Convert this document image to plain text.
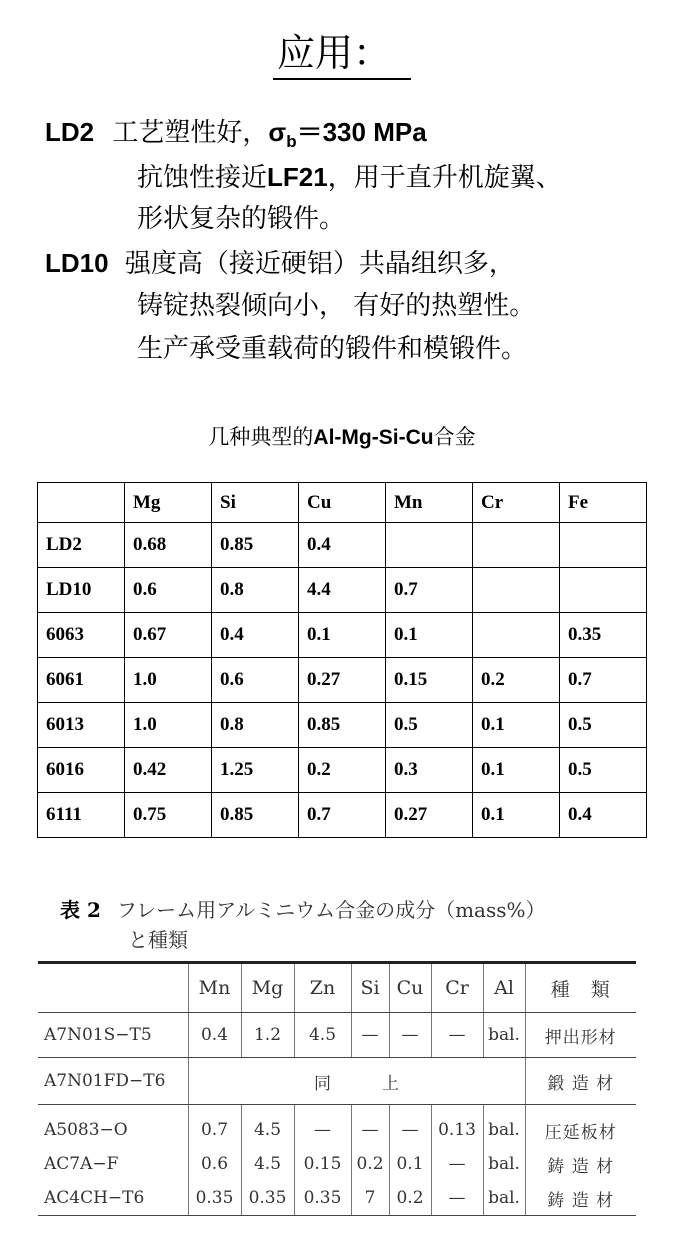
应用：
LD2 工艺塑性好，$\sigma_b=330$ MPa
抗蚀性接近LF21，用于直升机旋翼、
形状复杂的锻件。
LD10 强度高（接近硬铝）共晶组织多，
铸锭热裂倾向小， 有好的热塑性。
生产承受重载荷的锻件和模锻件。
几种典型的Al-Mg-Si-Cu合金
	Mg	Si	Cu	Mn	Cr	Fe
LD2	0.68	0.85	0.4			
LD10	0.6	0.8	4.4	0.7		
6063	0.67	0.4	0.1	0.1		0.35
6061	1.0	0.6	0.27	0.15	0.2	0.7
6013	1.0	0.8	0.85	0.5	0.1	0.5
6016	0.42	1.25	0.2	0.3	0.1	0.5
6111	0.75	0.85	0.7	0.27	0.1	0.4
表 2 フレーム用アルミニウム合金の成分（mass%）
と種類
	Mn	Mg	Zn	Si	Cu	Cr	Al	種　類
A7N01S−T5	0.4	1.2	4.5	—	—	—	bal.	押出形材
A7N01FD−T6	同　　　上							鍛 造 材
A5083−O	0.7	4.5	—	—	—	0.13	bal.	圧延板材
AC7A−F	0.6	4.5	0.15	0.2	0.1	—	bal.	鋳 造 材
AC4CH−T6	0.35	0.35	0.35	7	0.2	—	bal.	鋳 造 材
